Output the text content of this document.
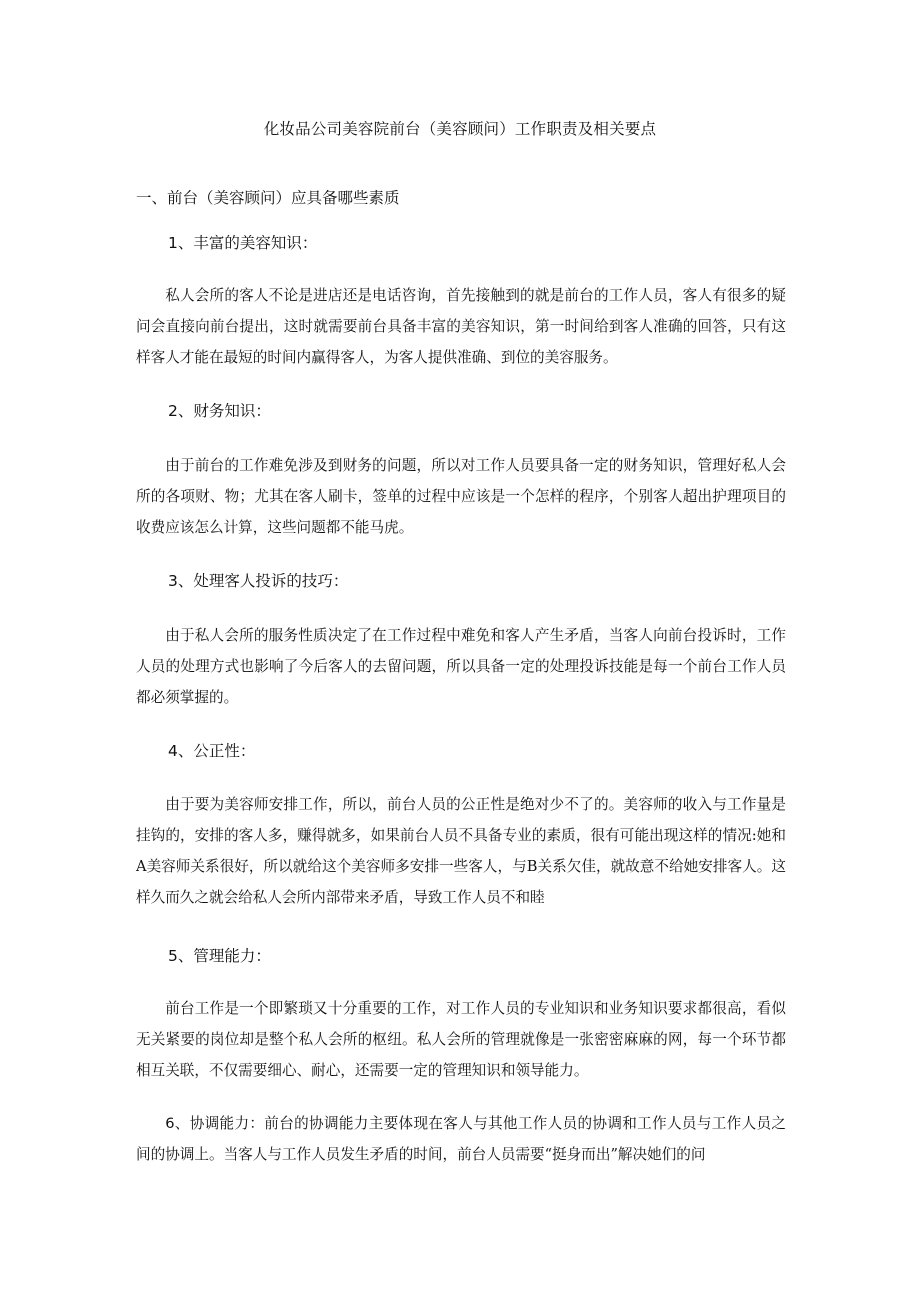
化妆品公司美容院前台（美容顾问）工作职责及相关要点
一、前台（美容顾问）应具备哪些素质
1、丰富的美容知识：
私人会所的客人不论是进店还是电话咨询，首先接触到的就是前台的工作人员，客人有很多的疑问会直接向前台提出，这时就需要前台具备丰富的美容知识，第一时间给到客人准确的回答，只有这样客人才能在最短的时间内赢得客人，为客人提供准确、到位的美容服务。
2、财务知识：
由于前台的工作难免涉及到财务的问题，所以对工作人员要具备一定的财务知识，管理好私人会所的各项财、物；尤其在客人刷卡，签单的过程中应该是一个怎样的程序，个别客人超出护理项目的收费应该怎么计算，这些问题都不能马虎。
3、处理客人投诉的技巧：
由于私人会所的服务性质决定了在工作过程中难免和客人产生矛盾，当客人向前台投诉时，工作人员的处理方式也影响了今后客人的去留问题，所以具备一定的处理投诉技能是每一个前台工作人员都必须掌握的。
4、公正性：
由于要为美容师安排工作，所以，前台人员的公正性是绝对少不了的。美容师的收入与工作量是挂钩的，安排的客人多，赚得就多，如果前台人员不具备专业的素质，很有可能出现这样的情况:她和A美容师关系很好，所以就给这个美容师多安排一些客人，与B关系欠佳，就故意不给她安排客人。这样久而久之就会给私人会所内部带来矛盾，导致工作人员不和睦
5、管理能力：
前台工作是一个即繁琐又十分重要的工作，对工作人员的专业知识和业务知识要求都很高，看似无关紧要的岗位却是整个私人会所的枢纽。私人会所的管理就像是一张密密麻麻的网，每一个环节都相互关联，不仅需要细心、耐心，还需要一定的管理知识和领导能力。
6、协调能力：前台的协调能力主要体现在客人与其他工作人员的协调和工作人员与工作人员之间的协调上。当客人与工作人员发生矛盾的时间，前台人员需要“挺身而出”解决她们的问
